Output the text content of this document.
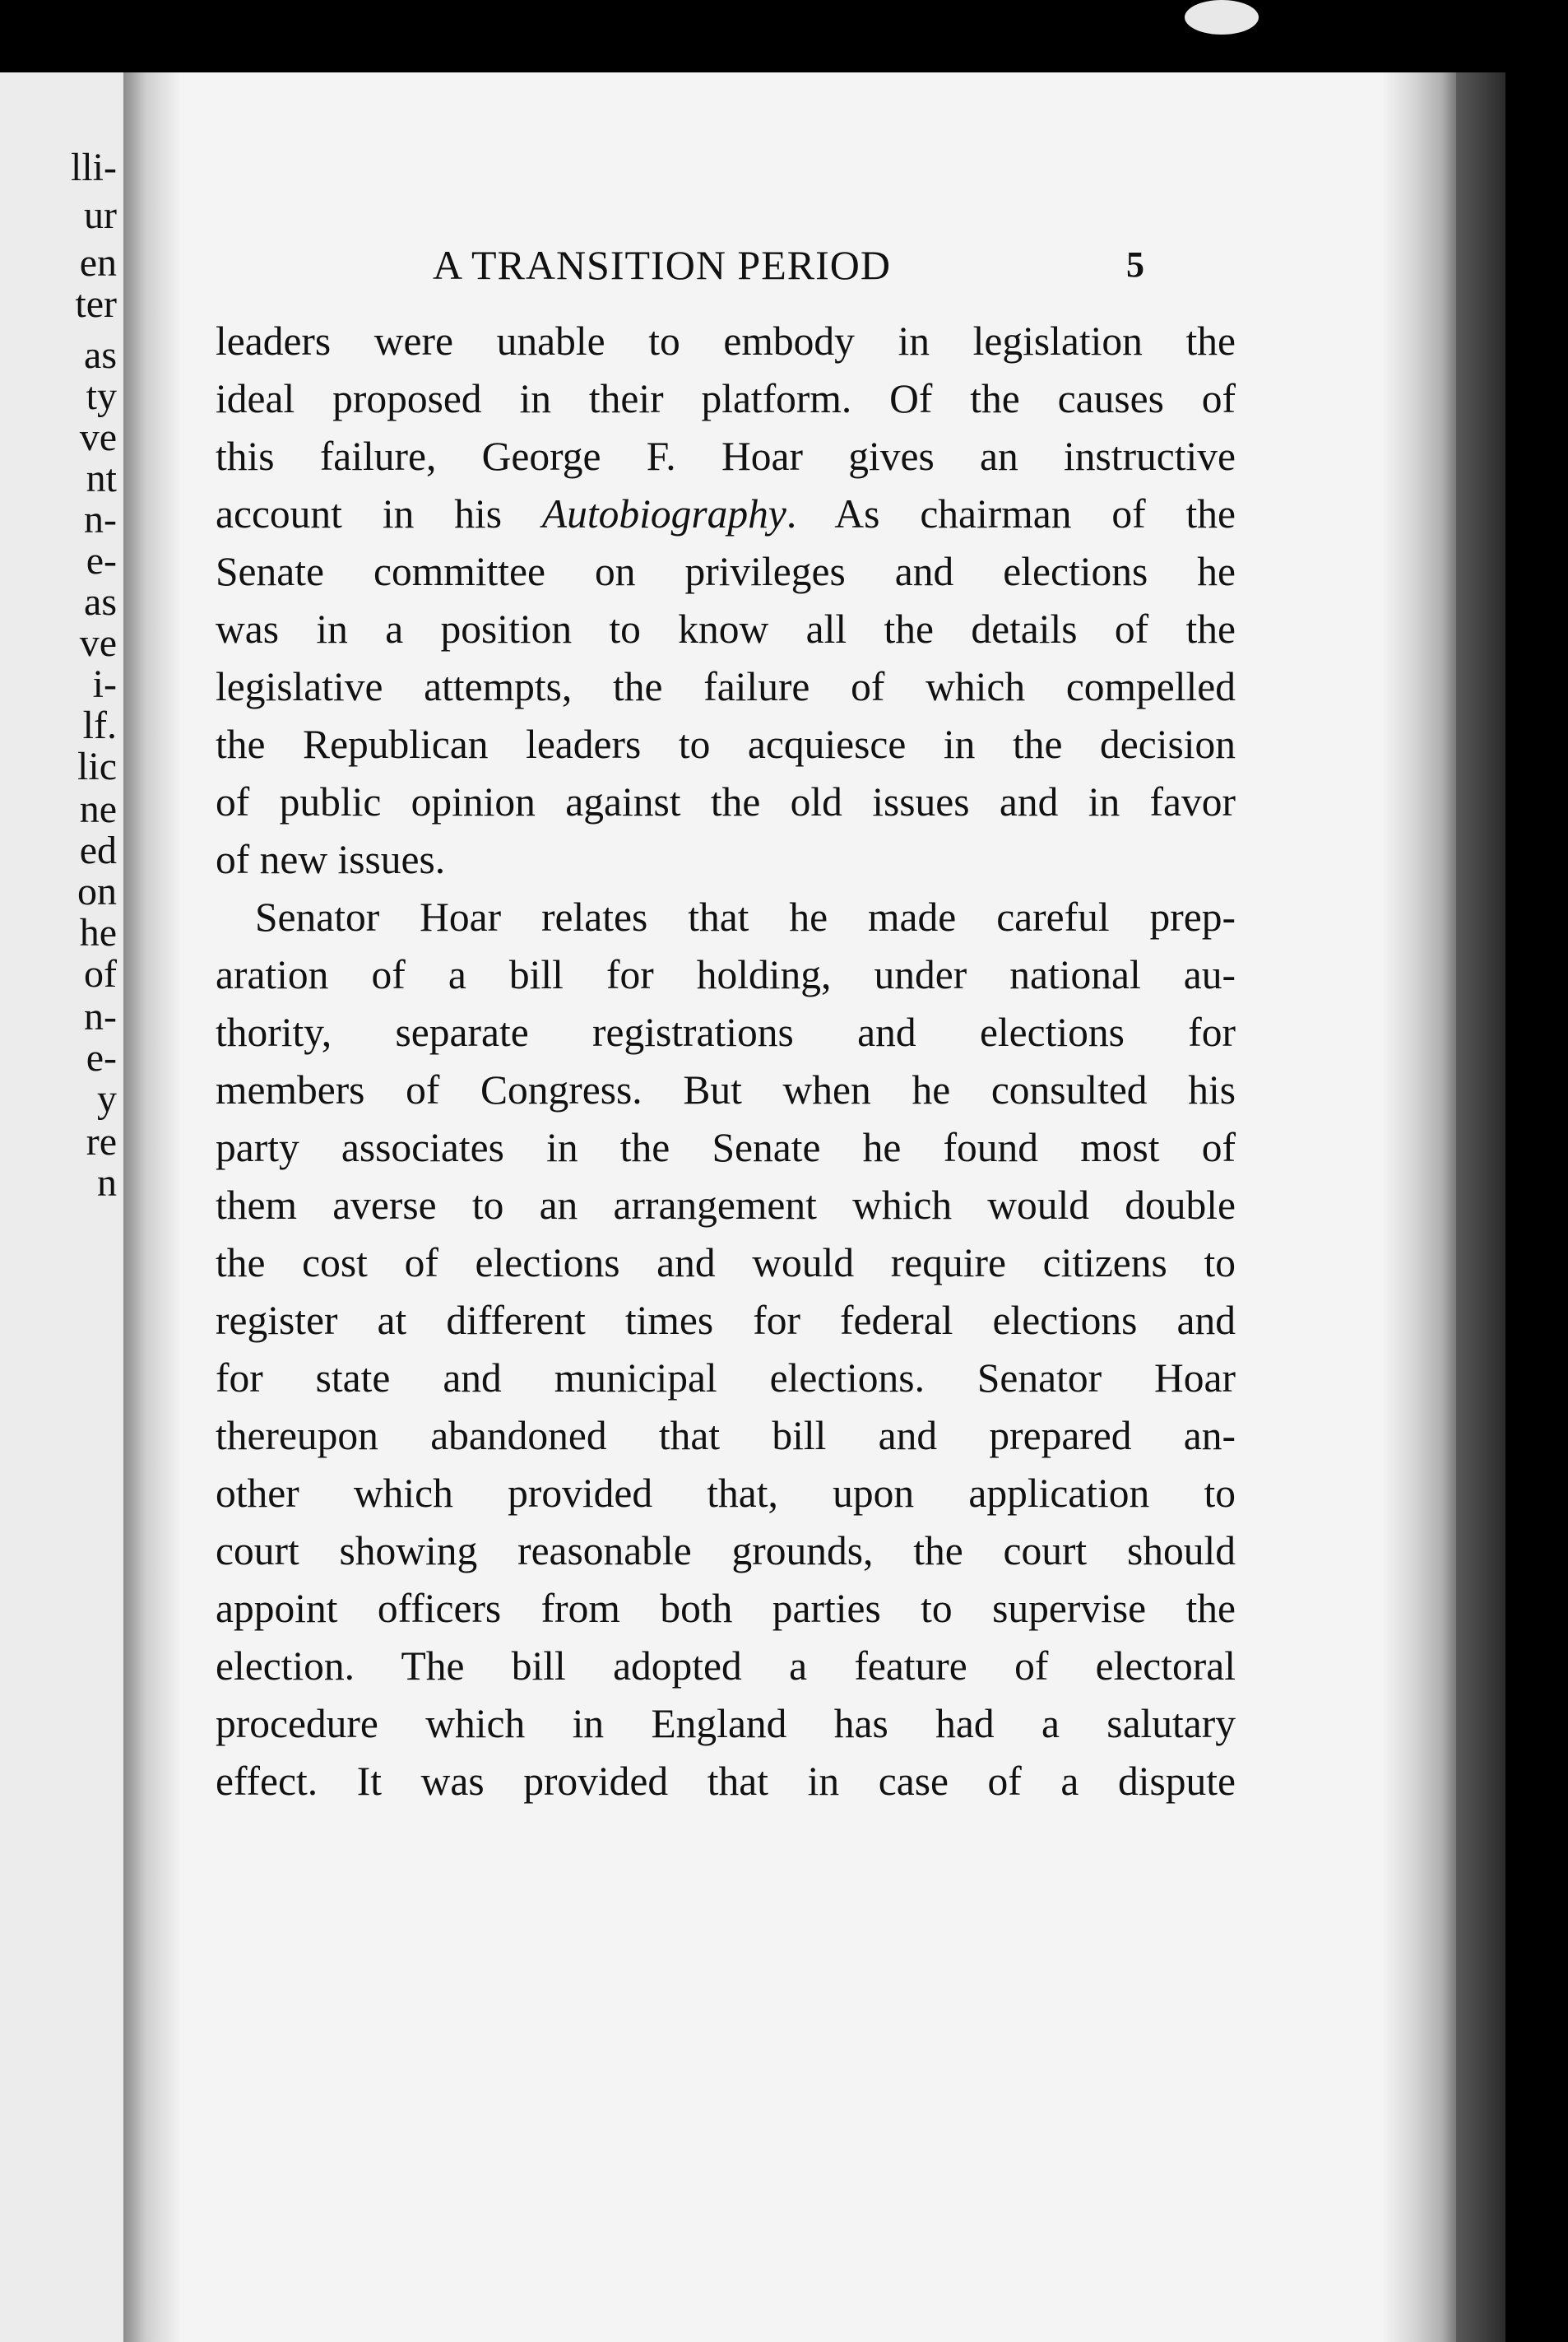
lli-
ur
en
ter
as
ty
ve
nt
n-
e-
as
ve
i-
lf.
lic
ne
ed
on
he
of
n-
e-
y
re
n
A TRANSITION PERIOD	5
leaders were unable to embody in legislation the
ideal proposed in their platform. Of the causes of
this failure, George F. Hoar gives an instructive
account in his Autobiography. As chairman of the
Senate committee on privileges and elections he
was in a position to know all the details of the
legislative attempts, the failure of which compelled
the Republican leaders to acquiesce in the decision
of public opinion against the old issues and in favor
of new issues.
Senator Hoar relates that he made careful prep-
aration of a bill for holding, under national au-
thority, separate registrations and elections for
members of Congress. But when he consulted his
party associates in the Senate he found most of
them averse to an arrangement which would double
the cost of elections and would require citizens to
register at different times for federal elections and
for state and municipal elections. Senator Hoar
thereupon abandoned that bill and prepared an-
other which provided that, upon application to
court showing reasonable grounds, the court should
appoint officers from both parties to supervise the
election. The bill adopted a feature of electoral
procedure which in England has had a salutary
effect. It was provided that in case of a dispute
